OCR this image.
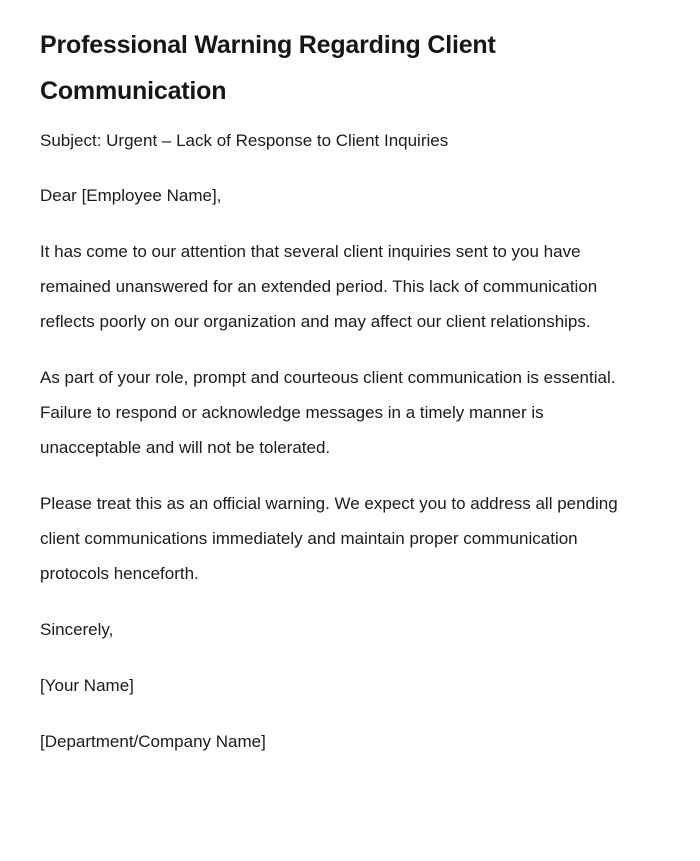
Professional Warning Regarding Client Communication

Subject: Urgent – Lack of Response to Client Inquiries

Dear [Employee Name],

It has come to our attention that several client inquiries sent to you have remained unanswered for an extended period. This lack of communication reflects poorly on our organization and may affect our client relationships.

As part of your role, prompt and courteous client communication is essential. Failure to respond or acknowledge messages in a timely manner is unacceptable and will not be tolerated.

Please treat this as an official warning. We expect you to address all pending client communications immediately and maintain proper communication protocols henceforth.

Sincerely,

[Your Name]

[Department/Company Name]
